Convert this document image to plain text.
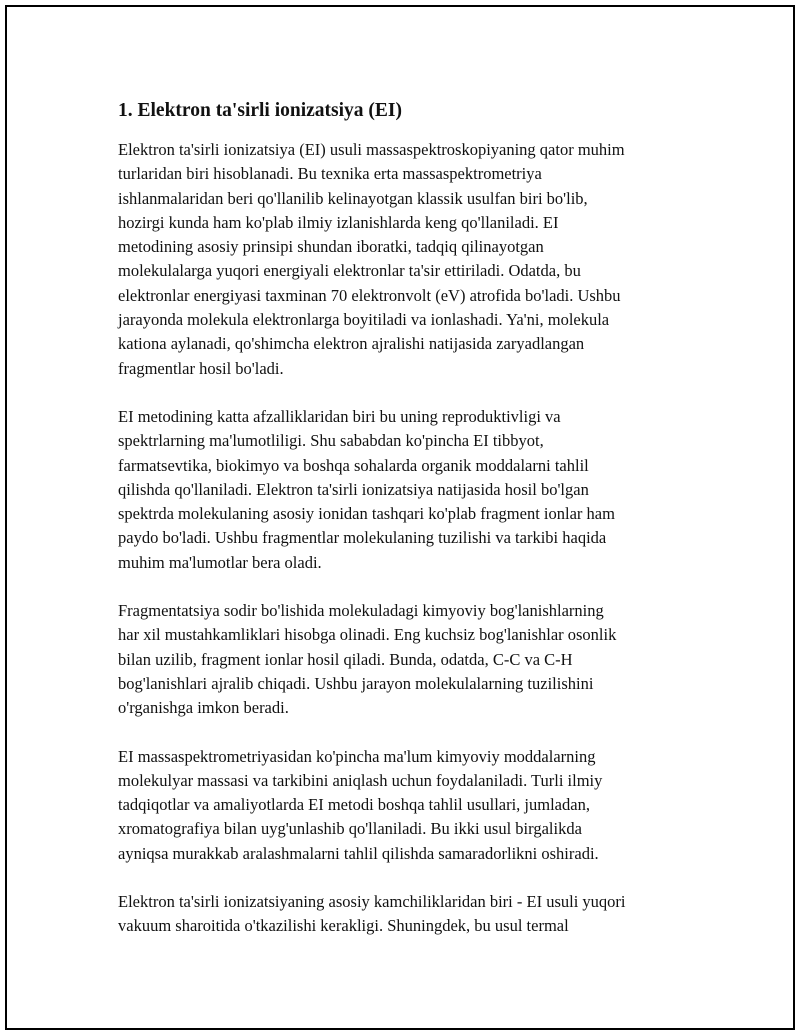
1. Elektron ta'sirli ionizatsiya (EI)

Elektron ta'sirli ionizatsiya (EI) usuli massaspektroskopiyaning qator muhim
turlaridan biri hisoblanadi. Bu texnika erta massaspektrometriya
ishlanmalaridan beri qo'llanilib kelinayotgan klassik usulfan biri bo'lib,
hozirgi kunda ham ko'plab ilmiy izlanishlarda keng qo'llaniladi. EI
metodining asosiy prinsipi shundan iboratki, tadqiq qilinayotgan
molekulalarga yuqori energiyali elektronlar ta'sir ettiriladi. Odatda, bu
elektronlar energiyasi taxminan 70 elektronvolt (eV) atrofida bo'ladi. Ushbu
jarayonda molekula elektronlarga boyitiladi va ionlashadi. Ya'ni, molekula
kationa aylanadi, qo'shimcha elektron ajralishi natijasida zaryadlangan
fragmentlar hosil bo'ladi.

EI metodining katta afzalliklaridan biri bu uning reproduktivligi va
spektrlarning ma'lumotliligi. Shu sababdan ko'pincha EI tibbyot,
farmatsevtika, biokimyo va boshqa sohalarda organik moddalarni tahlil
qilishda qo'llaniladi. Elektron ta'sirli ionizatsiya natijasida hosil bo'lgan
spektrda molekulaning asosiy ionidan tashqari ko'plab fragment ionlar ham
paydo bo'ladi. Ushbu fragmentlar molekulaning tuzilishi va tarkibi haqida
muhim ma'lumotlar bera oladi.

Fragmentatsiya sodir bo'lishida molekuladagi kimyoviy bog'lanishlarning
har xil mustahkamliklari hisobga olinadi. Eng kuchsiz bog'lanishlar osonlik
bilan uzilib, fragment ionlar hosil qiladi. Bunda, odatda, C-C va C-H
bog'lanishlari ajralib chiqadi. Ushbu jarayon molekulalarning tuzilishini
o'rganishga imkon beradi.

EI massaspektrometriyasidan ko'pincha ma'lum kimyoviy moddalarning
molekulyar massasi va tarkibini aniqlash uchun foydalaniladi. Turli ilmiy
tadqiqotlar va amaliyotlarda EI metodi boshqa tahlil usullari, jumladan,
xromatografiya bilan uyg'unlashib qo'llaniladi. Bu ikki usul birgalikda
ayniqsa murakkab aralashmalarni tahlil qilishda samaradorlikni oshiradi.

Elektron ta'sirli ionizatsiyaning asosiy kamchiliklaridan biri - EI usuli yuqori
vakuum sharoitida o'tkazilishi kerakligi. Shuningdek, bu usul termal
